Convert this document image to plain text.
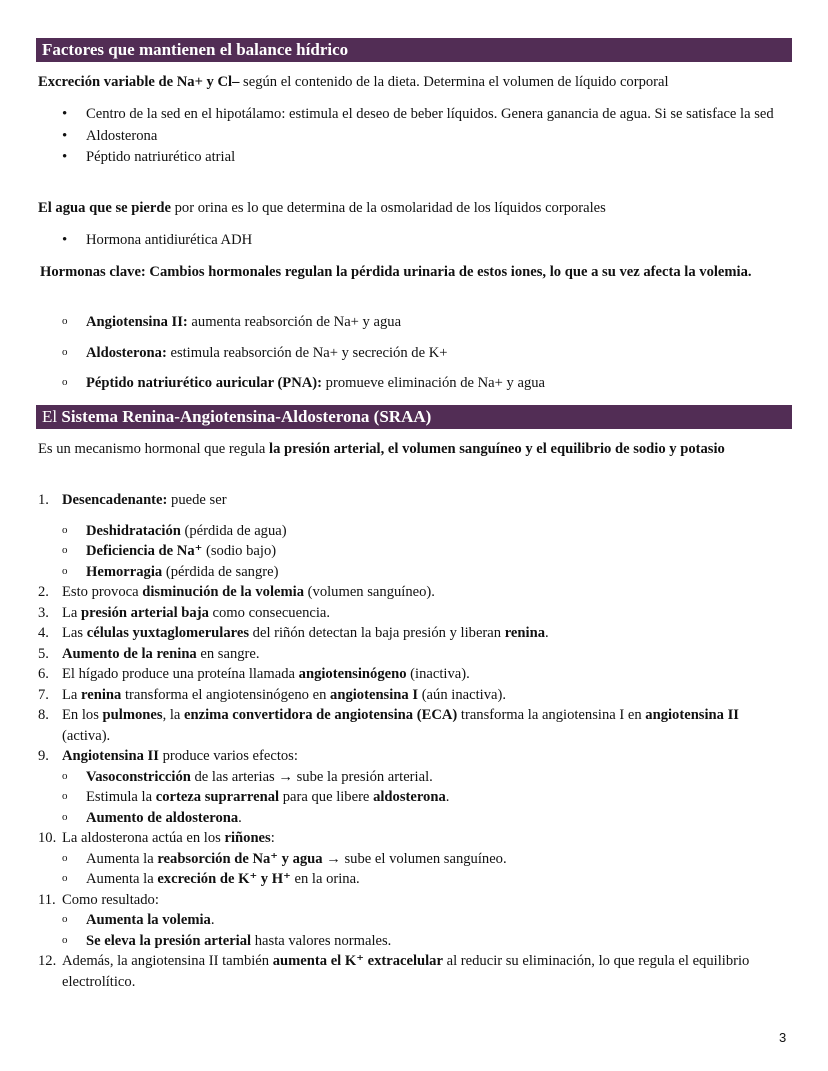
Factores que mantienen el balance hídrico

Excreción variable de Na+ y Cl– según el contenido de la dieta. Determina el volumen de líquido corporal

• Centro de la sed en el hipotálamo: estimula el deseo de beber líquidos. Genera ganancia de agua. Si se satisface la sed
• Aldosterona
• Péptido natriurético atrial

El agua que se pierde por orina es lo que determina de la osmolaridad de los líquidos corporales

• Hormona antidiurética ADH

Hormonas clave: Cambios hormonales regulan la pérdida urinaria de estos iones, lo que a su vez afecta la volemia.

o Angiotensina II: aumenta reabsorción de Na+ y agua
o Aldosterona: estimula reabsorción de Na+ y secreción de K+
o Péptido natriurético auricular (PNA): promueve eliminación de Na+ y agua
El Sistema Renina-Angiotensina-Aldosterona (SRAA)

Es un mecanismo hormonal que regula la presión arterial, el volumen sanguíneo y el equilibrio de sodio y potasio

1. Desencadenante: puede ser
o Deshidratación (pérdida de agua)
o Deficiencia de Na⁺ (sodio bajo)
o Hemorragia (pérdida de sangre)
2. Esto provoca disminución de la volemia (volumen sanguíneo).
3. La presión arterial baja como consecuencia.
4. Las células yuxtaglomerulares del riñón detectan la baja presión y liberan renina.
5. Aumento de la renina en sangre.
6. El hígado produce una proteína llamada angiotensinógeno (inactiva).
7. La renina transforma el angiotensinógeno en angiotensina I (aún inactiva).
8. En los pulmones, la enzima convertidora de angiotensina (ECA) transforma la angiotensina I en angiotensina II (activa).
9. Angiotensina II produce varios efectos:
o Vasoconstricción de las arterias → sube la presión arterial.
o Estimula la corteza suprarrenal para que libere aldosterona.
o Aumento de aldosterona.
10. La aldosterona actúa en los riñones:
o Aumenta la reabsorción de Na⁺ y agua → sube el volumen sanguíneo.
o Aumenta la excreción de K⁺ y H⁺ en la orina.
11. Como resultado:
o Aumenta la volemia.
o Se eleva la presión arterial hasta valores normales.
12. Además, la angiotensina II también aumenta el K⁺ extracelular al reducir su eliminación, lo que regula el equilibrio electrolítico.
3
